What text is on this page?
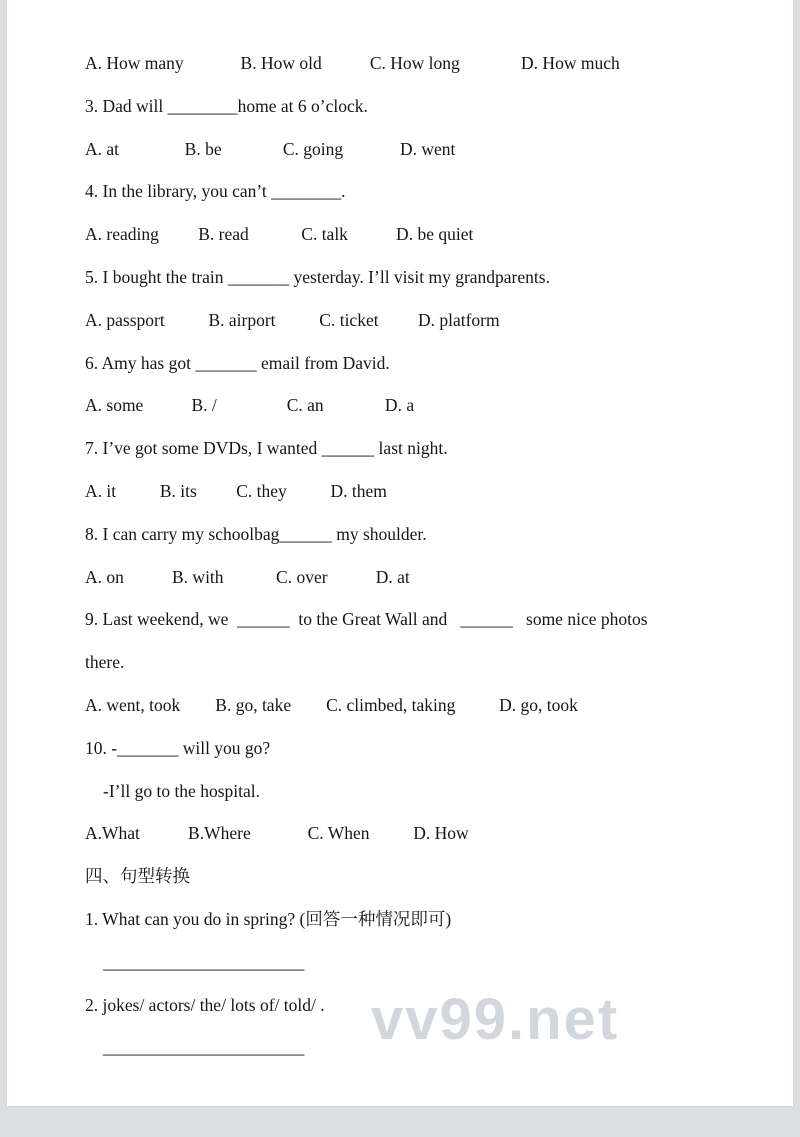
A. How many             B. How old           C. How long              D. How much
3. Dad will ________home at 6 o’clock.
A. at               B. be              C. going             D. went
4. In the library, you can’t ________.
A. reading         B. read            C. talk           D. be quiet
5. I bought the train _______ yesterday. I’ll visit my grandparents.
A. passport          B. airport          C. ticket         D. platform
6. Amy has got _______ email from David.
A. some           B. /                C. an              D. a
7. I’ve got some DVDs, I wanted ______ last night.
A. it          B. its         C. they          D. them
8. I can carry my schoolbag______ my shoulder.
A. on           B. with            C. over           D. at
9. Last weekend, we  ______  to the Great Wall and   ______   some nice photos
there.
A. went, took        B. go, take        C. climbed, taking          D. go, took
10. -_______ will you go?
-I’ll go to the hospital.
A.What           B.Where             C. When          D. How
四、句型转换
1. What can you do in spring? (回答一种情况即可)
_______________________
2. jokes/ actors/ the/ lots of/ told/ .
_______________________	vv99.net
